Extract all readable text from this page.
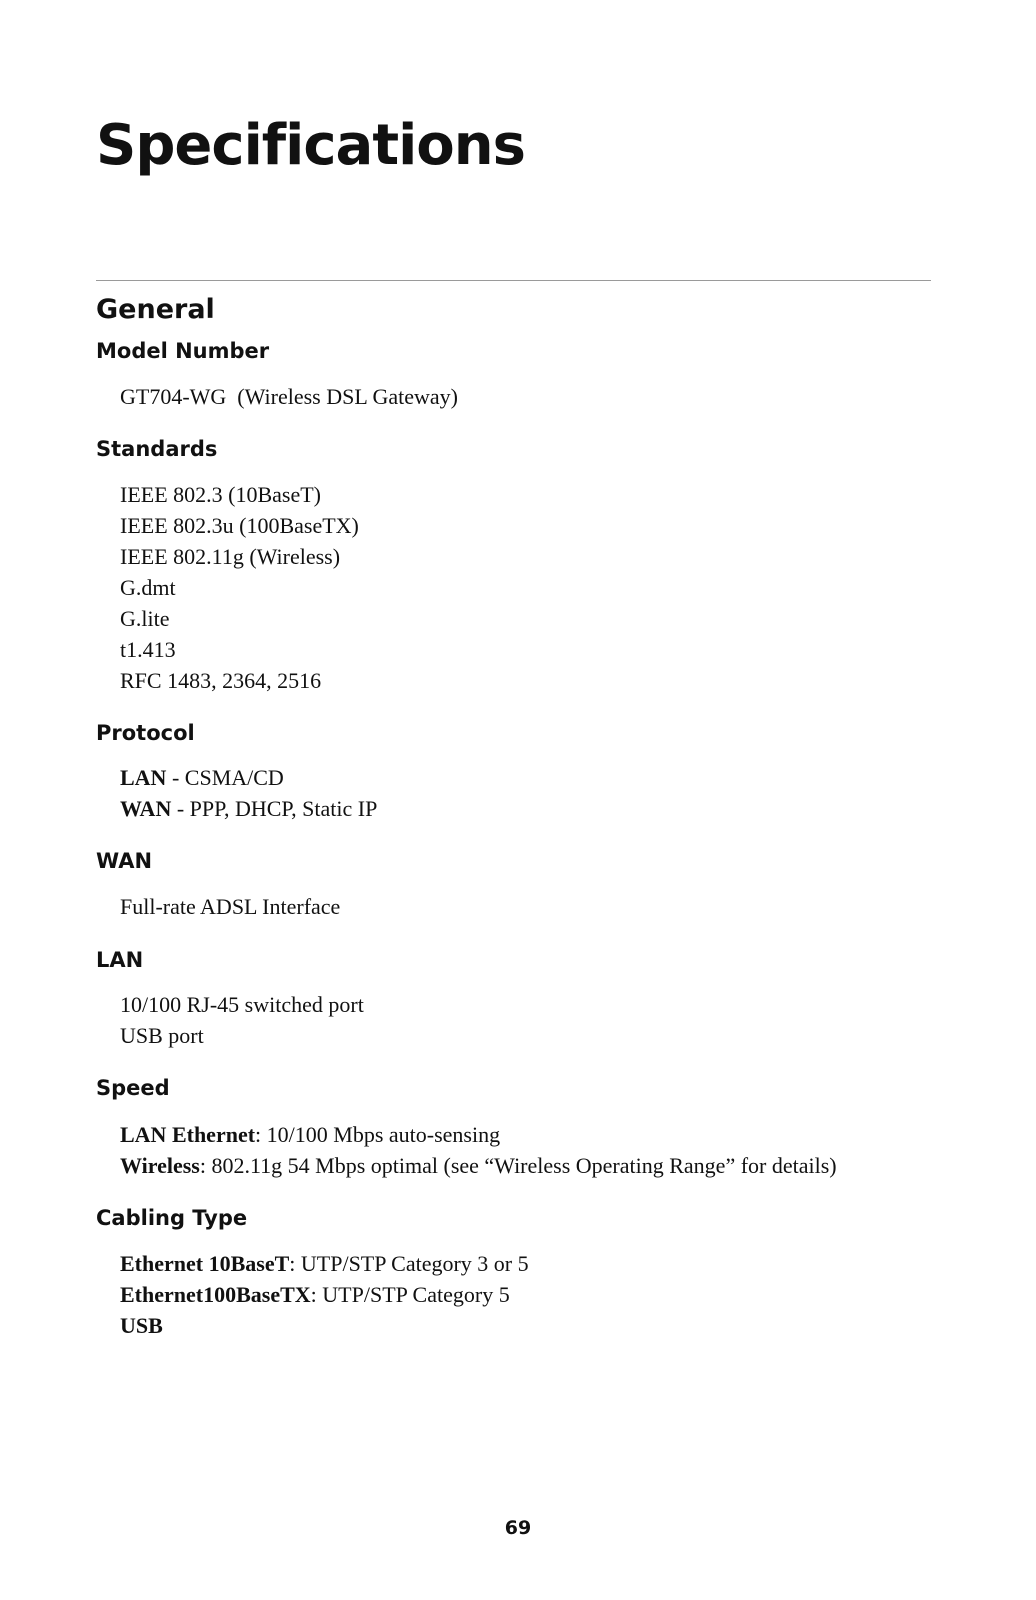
Specifications
General
Model Number
GT704-WG  (Wireless DSL Gateway)
Standards
IEEE 802.3 (10BaseT)
IEEE 802.3u (100BaseTX)
IEEE 802.11g (Wireless)
G.dmt
G.lite
t1.413
RFC 1483, 2364, 2516
Protocol
LAN - CSMA/CD
WAN - PPP, DHCP, Static IP
WAN
Full-rate ADSL Interface
LAN
10/100 RJ-45 switched port
USB port
Speed
LAN Ethernet: 10/100 Mbps auto-sensing
Wireless: 802.11g 54 Mbps optimal (see “Wireless Operating Range” for details)
Cabling Type
Ethernet 10BaseT: UTP/STP Category 3 or 5
Ethernet100BaseTX: UTP/STP Category 5
USB
69
